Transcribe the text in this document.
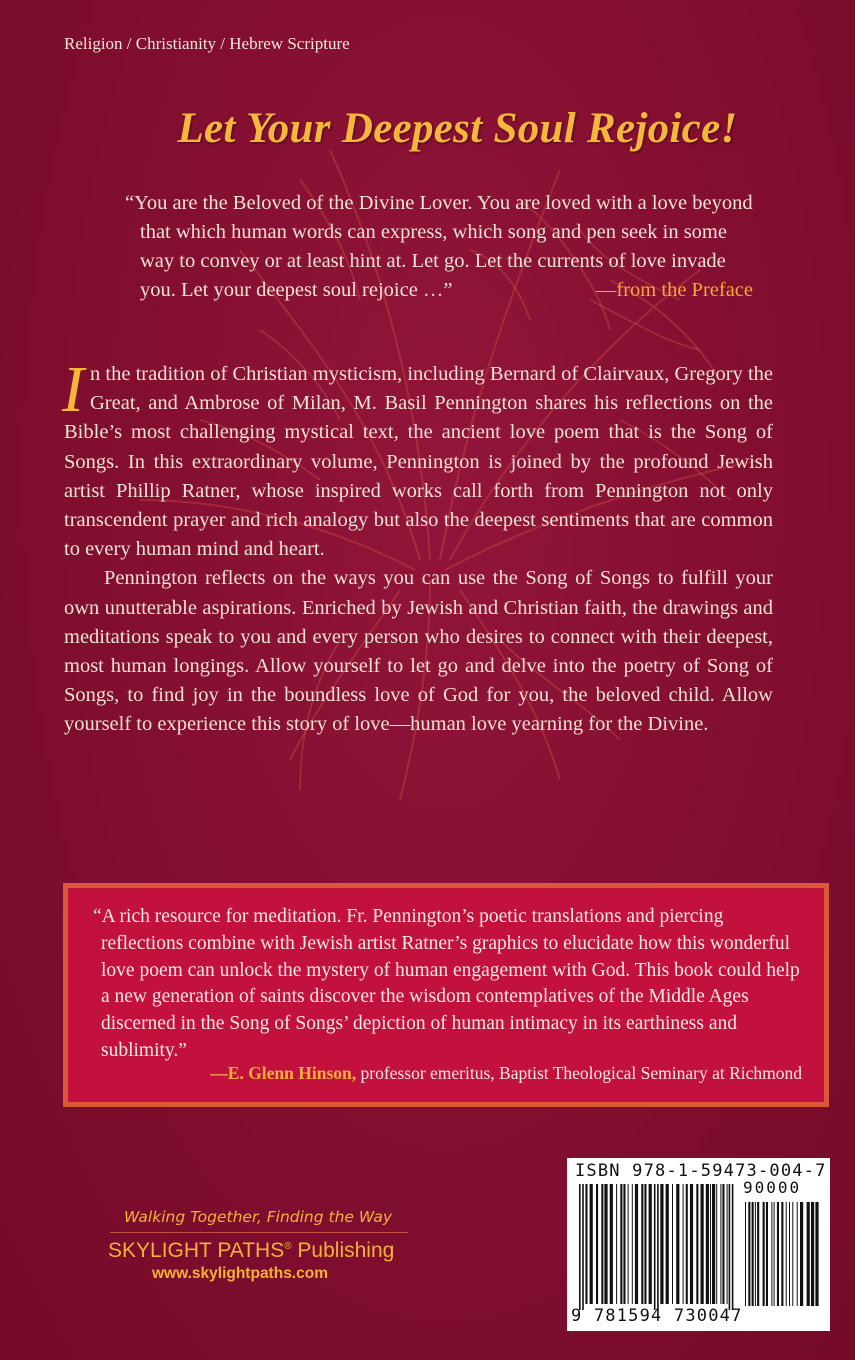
Religion / Christianity / Hebrew Scripture
Let Your Deepest Soul Rejoice!

“You are the Beloved of the Divine Lover. You are loved with a love beyond that which human words can express, which song and pen seek in some way to convey or at least hint at. Let go. Let the currents of love invade you. Let your deepest soul rejoice …”	—from the Preface

In the tradition of Christian mysticism, including Bernard of Clairvaux, Gregory the Great, and Ambrose of Milan, M. Basil Pennington shares his reflections on the Bible’s most challenging mystical text, the ancient love poem that is the Song of Songs. In this extraordinary volume, Pennington is joined by the profound Jewish artist Phillip Ratner, whose inspired works call forth from Pennington not only transcendent prayer and rich analogy but also the deepest sentiments that are common to every human mind and heart.

Pennington reflects on the ways you can use the Song of Songs to fulfill your own unutterable aspirations. Enriched by Jewish and Christian faith, the drawings and meditations speak to you and every person who desires to connect with their deepest, most human longings. Allow yourself to let go and delve into the poetry of Song of Songs, to find joy in the boundless love of God for you, the beloved child. Allow yourself to experience this story of love—human love yearning for the Divine.

“A rich resource for meditation. Fr. Pennington’s poetic translations and piercing reflections combine with Jewish artist Ratner’s graphics to elucidate how this wonderful love poem can unlock the mystery of human engagement with God. This book could help a new generation of saints discover the wisdom contemplatives of the Middle Ages discerned in the Song of Songs’ depiction of human intimacy in its earthiness and sublimity.”

—E. Glenn Hinson, professor emeritus, Baptist Theological Seminary at Richmond
Walking Together, Finding the Way
SKYLIGHT PATHS® Publishing
www.skylightpaths.com
ISBN 978-1-59473-004-7
90000
9 781594 730047
